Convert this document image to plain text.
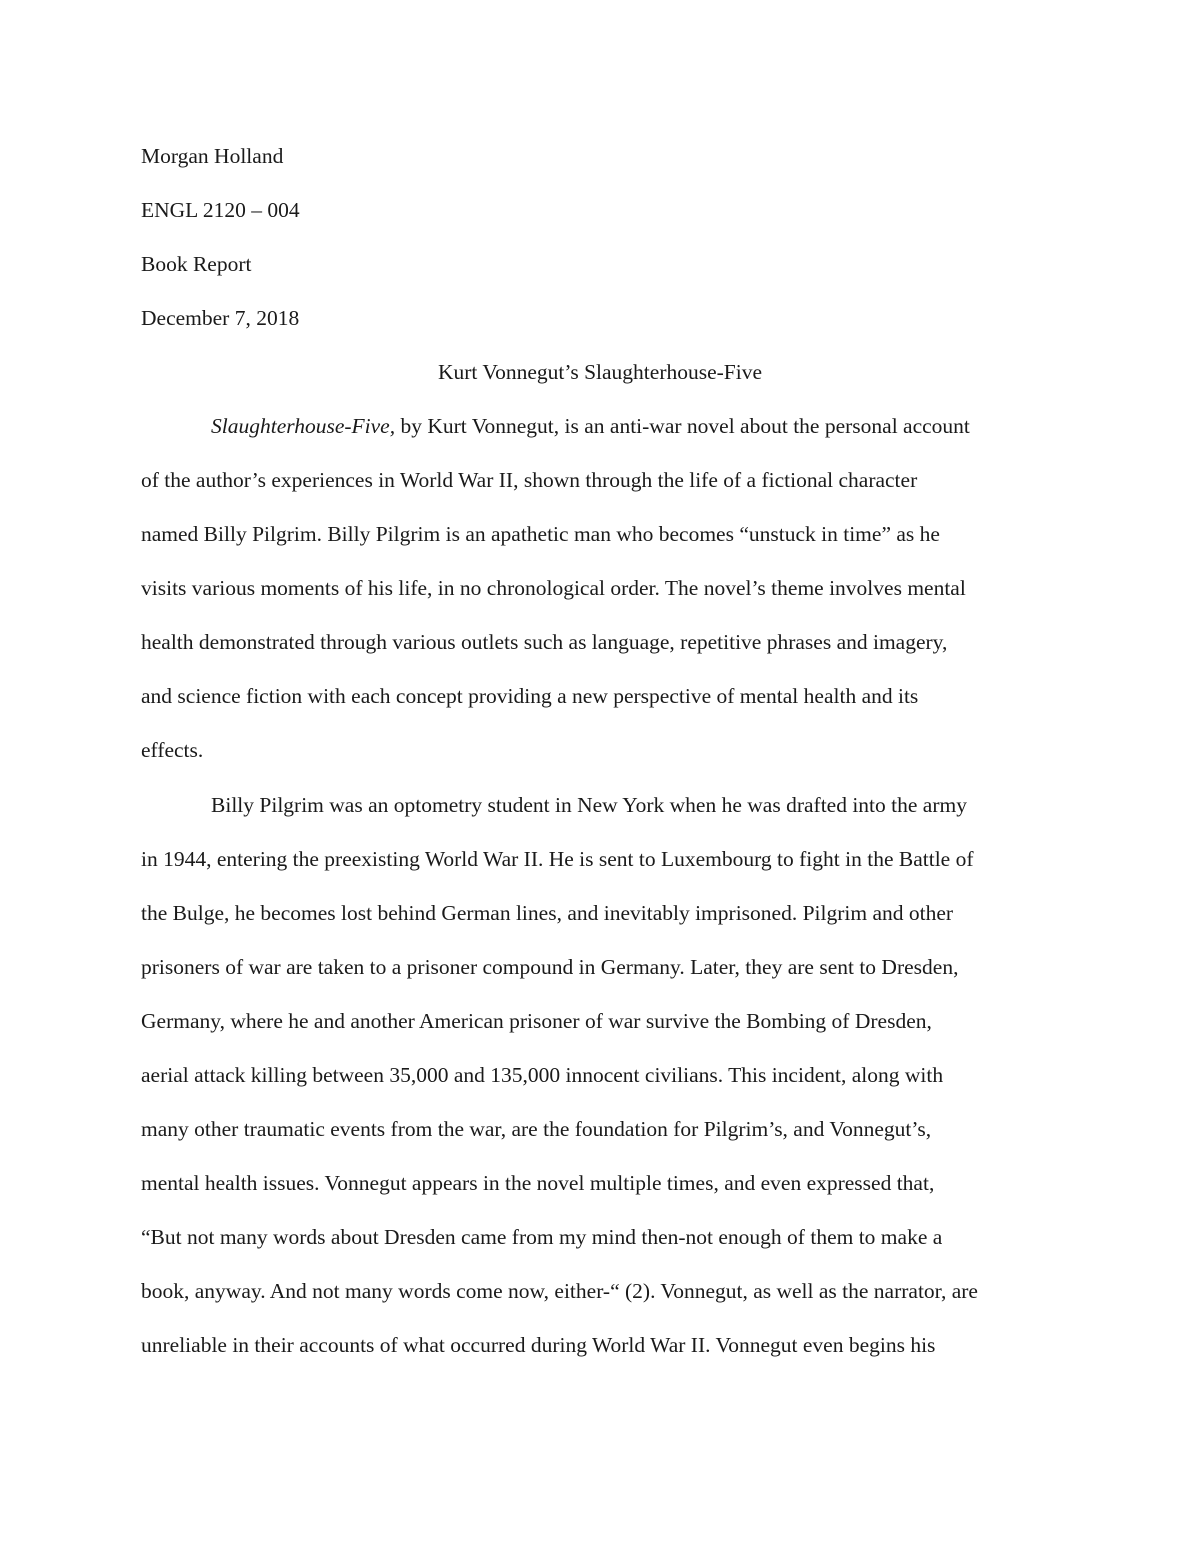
Morgan Holland
ENGL 2120 – 004
Book Report
December 7, 2018
Kurt Vonnegut’s Slaughterhouse-Five
Slaughterhouse-Five, by Kurt Vonnegut, is an anti-war novel about the personal account
of the author’s experiences in World War II, shown through the life of a fictional character
named Billy Pilgrim. Billy Pilgrim is an apathetic man who becomes “unstuck in time” as he
visits various moments of his life, in no chronological order. The novel’s theme involves mental
health demonstrated through various outlets such as language, repetitive phrases and imagery,
and science fiction with each concept providing a new perspective of mental health and its
effects.
Billy Pilgrim was an optometry student in New York when he was drafted into the army
in 1944, entering the preexisting World War II. He is sent to Luxembourg to fight in the Battle of
the Bulge, he becomes lost behind German lines, and inevitably imprisoned. Pilgrim and other
prisoners of war are taken to a prisoner compound in Germany. Later, they are sent to Dresden,
Germany, where he and another American prisoner of war survive the Bombing of Dresden,
aerial attack killing between 35,000 and 135,000 innocent civilians. This incident, along with
many other traumatic events from the war, are the foundation for Pilgrim’s, and Vonnegut’s,
mental health issues. Vonnegut appears in the novel multiple times, and even expressed that,
“But not many words about Dresden came from my mind then-not enough of them to make a
book, anyway. And not many words come now, either-“ (2). Vonnegut, as well as the narrator, are
unreliable in their accounts of what occurred during World War II. Vonnegut even begins his
